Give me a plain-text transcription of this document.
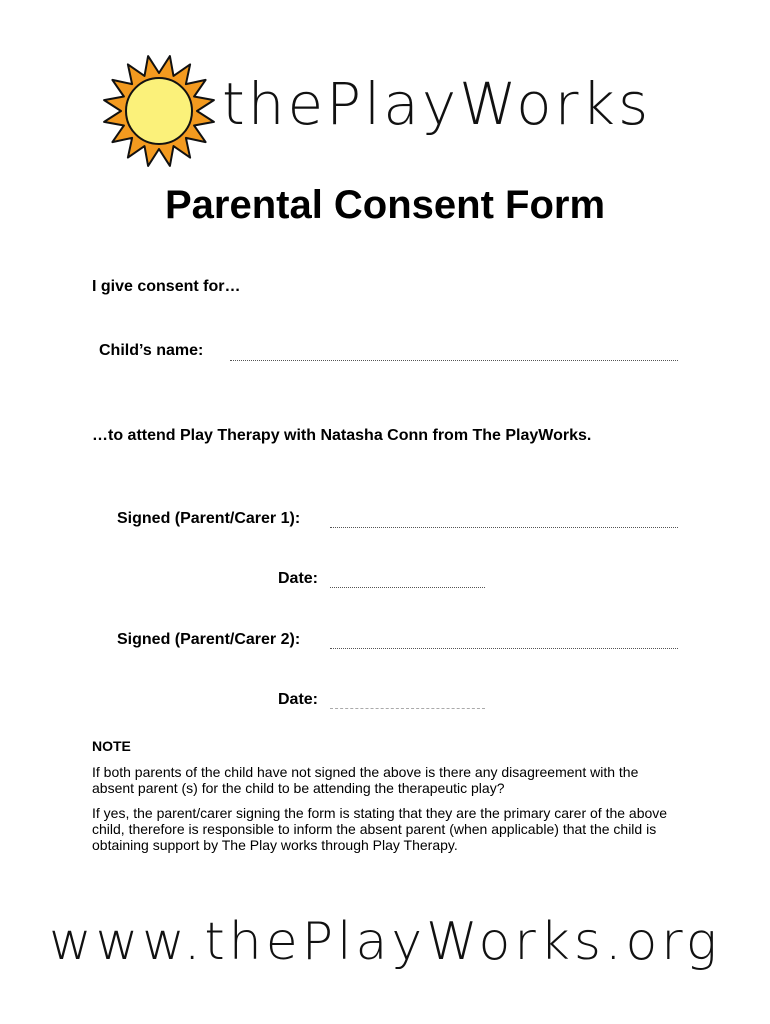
thePlayWorks
Parental Consent Form
I give consent for…
Child’s name:
…to attend Play Therapy with Natasha Conn from The PlayWorks.
Signed (Parent/Carer 1):
Date:
Signed (Parent/Carer 2):
Date:
NOTE
If both parents of the child have not signed the above is there any disagreement with the absent parent (s) for the child to be attending the therapeutic play?
If yes, the parent/carer signing the form is stating that they are the primary carer of the above child, therefore is responsible to inform the absent parent (when applicable) that the child is obtaining support by The Play works through Play Therapy.
www.thePlayWorks.org
